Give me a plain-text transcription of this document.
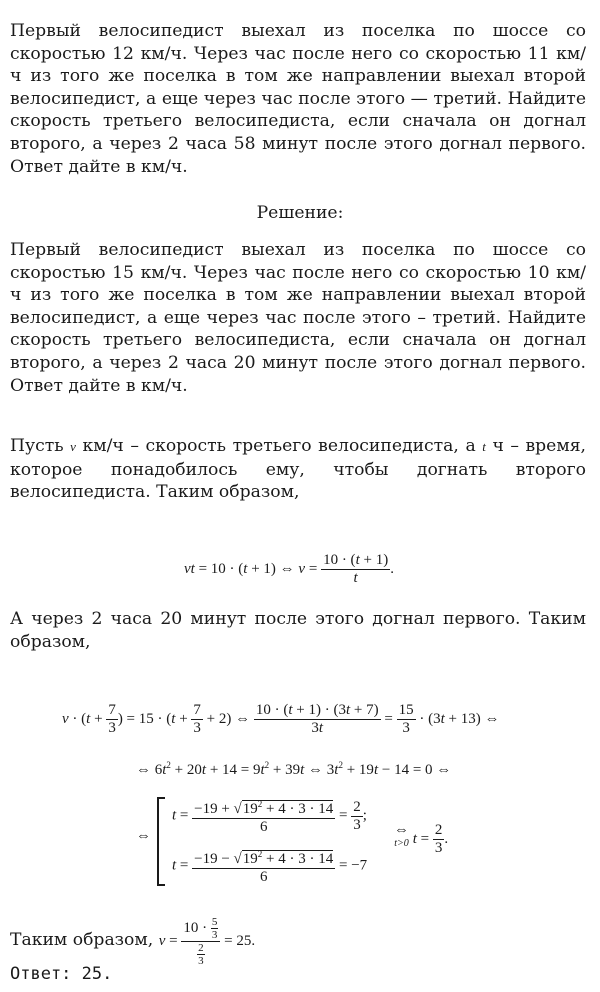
Первый велосипедист выехал из поселка по шоссе со скоростью 12 км/ч. Через час после него со скоростью 11 км/ч из того же поселка в том же направлении выехал второй велосипедист, а еще через час после этого — третий. Найдите скорость третьего велосипедиста, если сначала он догнал второго, а через 2 часа 58 минут после этого догнал первого. Ответ дайте в км/ч.

Решение:

Первый велосипедист выехал из поселка по шоссе со скоростью 15 км/ч. Через час после него со скоростью 10 км/ч из того же поселка в том же направлении выехал второй велосипедист, а еще через час после этого – третий. Найдите скорость третьего велосипедиста, если сначала он догнал второго, а через 2 часа 20 минут после этого догнал первого. Ответ дайте в км/ч.

Пусть v км/ч – скорость третьего велосипедиста, а t ч – время, которое понадобилось ему, чтобы догнать второго велосипедиста. Таким образом,

vt = 10 · (t + 1) ⇔ $v = \frac{10 \cdot (t + 1)}{t}$ .

А через 2 часа 20 минут после этого догнал первого. Таким образом,

$v \cdot (t + \frac{7}{3}$ ) = $15 \cdot (t + \frac{7}{3} + 2)$ ⇔ $\frac{10 \cdot (t + 1) \cdot (3t + 7)}{3t} = \frac{15}{3} \cdot (3t + 13)$ ⇔
⇔ $6t^2 + 20t + 14 = 9t^2 + 39t$ ⇔ $3t^2 + 19t - 14 = 0$ ⇔
⇔
$t = \frac{-19 + √19^2 + 4 \cdot 3 \cdot 14}{6} = \frac{2}{3}$ ;
$t = \frac{-19 - √19^2 + 4 \cdot 3 \cdot 14}{6} = -7$
⇔
t>0 $t = \frac{2}{3}$ .
Таким образом, $v = \frac{10 \cdot \frac{5}{3}}{\frac{2}{3}} = 25$.
Ответ: 25.
